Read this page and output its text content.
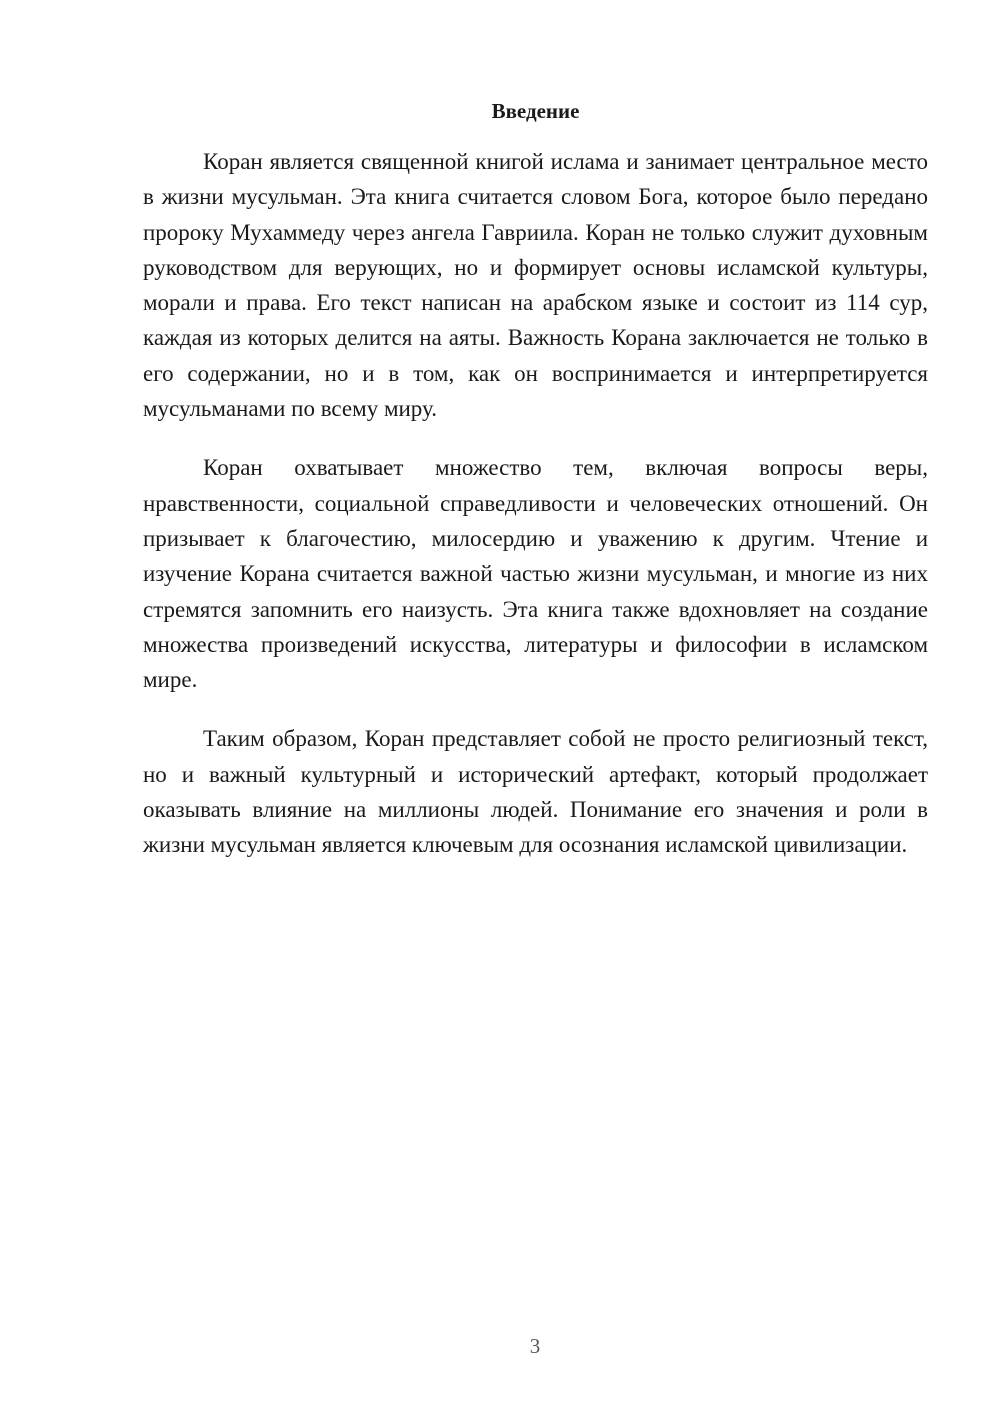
Введение

Коран является священной книгой ислама и занимает центральное место в жизни мусульман. Эта книга считается словом Бога, которое было передано пророку Мухаммеду через ангела Гавриила. Коран не только служит духовным руководством для верующих, но и формирует основы исламской культуры, морали и права. Его текст написан на арабском языке и состоит из 114 сур, каждая из которых делится на аяты. Важность Корана заключается не только в его содержании, но и в том, как он воспринимается и интерпретируется мусульманами по всему миру.

Коран охватывает множество тем, включая вопросы веры, нравственности, социальной справедливости и человеческих отношений. Он призывает к благочестию, милосердию и уважению к другим. Чтение и изучение Корана считается важной частью жизни мусульман, и многие из них стремятся запомнить его наизусть. Эта книга также вдохновляет на создание множества произведений искусства, литературы и философии в исламском мире.

Таким образом, Коран представляет собой не просто религиозный текст, но и важный культурный и исторический артефакт, который продолжает оказывать влияние на миллионы людей. Понимание его значения и роли в жизни мусульман является ключевым для осознания исламской цивилизации.

3
